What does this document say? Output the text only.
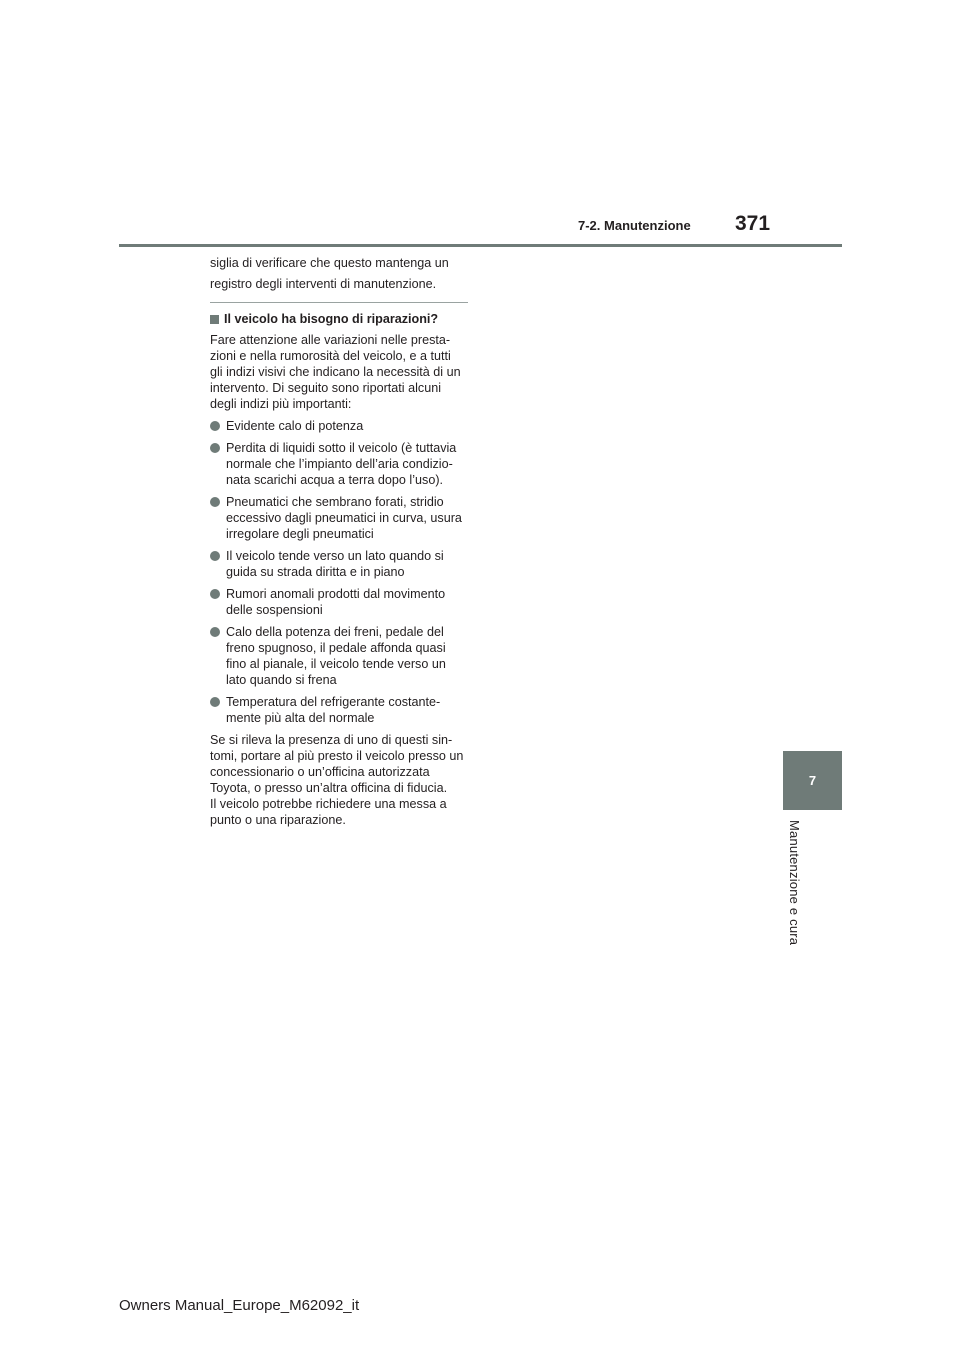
7-2. Manutenzione 371
7
Manutenzione e cura

siglia di verificare che questo mantenga un

registro degli interventi di manutenzione.

Il veicolo ha bisogno di riparazioni?

Fare attenzione alle variazioni nelle presta-
zioni e nella rumorosità del veicolo, e a tutti
gli indizi visivi che indicano la necessità di un
intervento. Di seguito sono riportati alcuni
degli indizi più importanti:

Evidente calo di potenza
Perdita di liquidi sotto il veicolo (è tuttavia
normale che l’impianto dell’aria condizio-
nata scarichi acqua a terra dopo l’uso).
Pneumatici che sembrano forati, stridio
eccessivo dagli pneumatici in curva, usura
irregolare degli pneumatici
Il veicolo tende verso un lato quando si
guida su strada diritta e in piano
Rumori anomali prodotti dal movimento
delle sospensioni
Calo della potenza dei freni, pedale del
freno spugnoso, il pedale affonda quasi
fino al pianale, il veicolo tende verso un
lato quando si frena
Temperatura del refrigerante costante-
mente più alta del normale

Se si rileva la presenza di uno di questi sin-
tomi, portare al più presto il veicolo presso un
concessionario o un’officina autorizzata
Toyota, o presso un’altra officina di fiducia.
Il veicolo potrebbe richiedere una messa a
punto o una riparazione.

Owners Manual_Europe_M62092_it
